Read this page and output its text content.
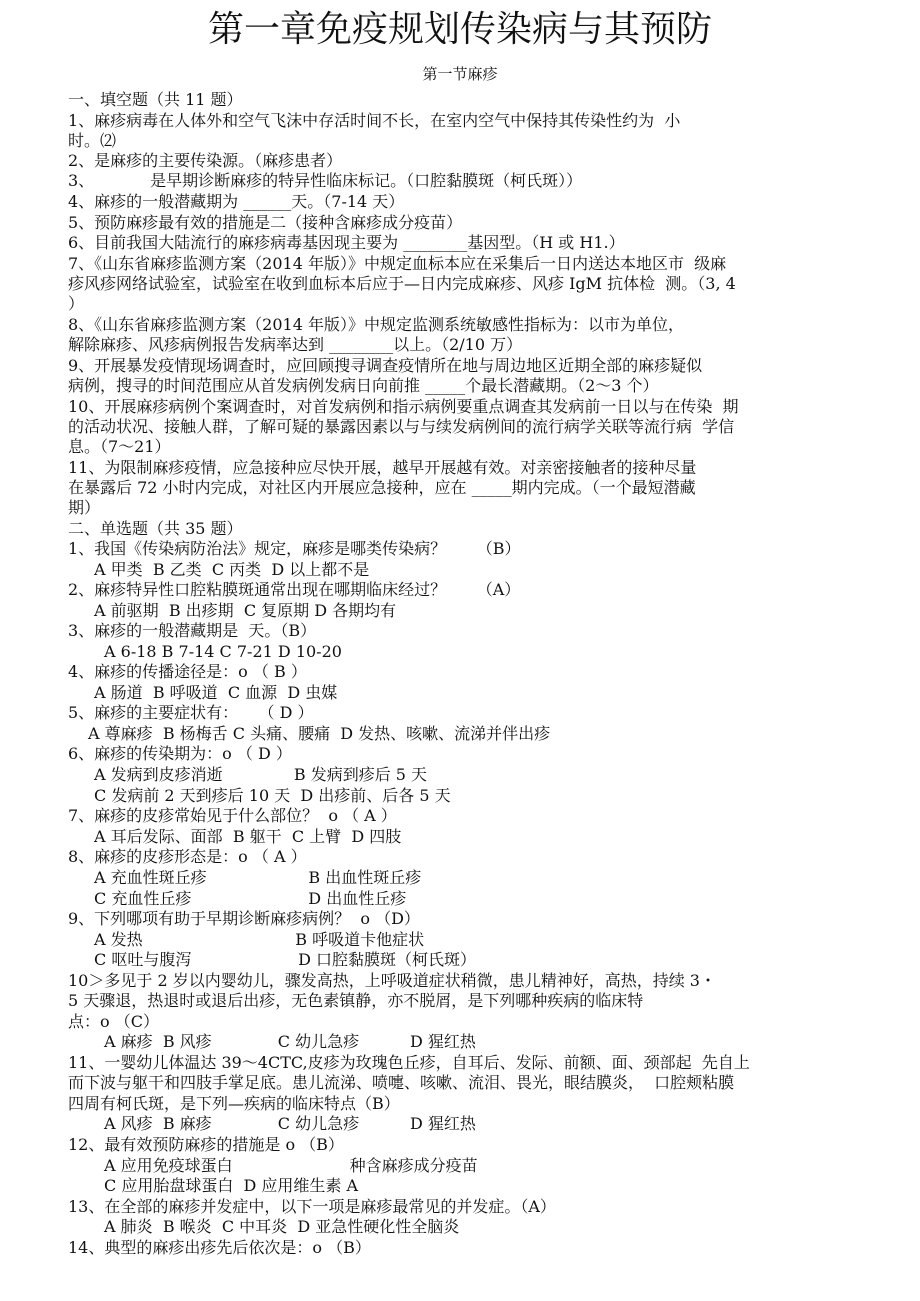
第一章免疫规划传染病与其预防
第一节麻疹
一、填空题（共 11 题）
1、麻疹病毒在人体外和空气飞沫中存活时间不长，在室内空气中保持其传染性约为  小
时。⑵
2、是麻疹的主要传染源。（麻疹患者）
3、           是早期诊断麻疹的特异性临床标记。（口腔黏膜斑（柯氏斑））
4、麻疹的一般潜藏期为 ______天。（7-14 天）
5、预防麻疹最有效的措施是二（接种含麻疹成分疫苗）
6、目前我国大陆流行的麻疹病毒基因现主要为 ________基因型。（H 或 H1.）
7、《山东省麻疹监测方案（2014 年版）》中规定血标本应在采集后一日内送达本地区市  级麻
疹风疹网络试验室，试验室在收到血标本后应于—日内完成麻疹、风疹 IgM 抗体检  测。（3, 4
）
8、《山东省麻疹监测方案（2014 年版）》中规定监测系统敏感性指标为：以市为单位，
解除麻疹、风疹病例报告发病率达到 ________以上。（2/10 万）
9、开展暴发疫情现场调查时，应回顾搜寻调查疫情所在地与周边地区近期全部的麻疹疑似
病例，搜寻的时间范围应从首发病例发病日向前推 _____个最长潜藏期。（2～3 个）
10、开展麻疹病例个案调查时，对首发病例和指示病例要重点调查其发病前一日以与在传染  期
的活动状况、接触人群，了解可疑的暴露因素以与与续发病例间的流行病学关联等流行病  学信
息。（7～21）
11、为限制麻疹疫情，应急接种应尽快开展，越早开展越有效。对亲密接触者的接种尽量
在暴露后 72 小时内完成，对社区内开展应急接种，应在 _____期内完成。（一个最短潜藏
期）
二、单选题（共 35 题）
1、我国《传染病防治法》规定，麻疹是哪类传染病？      （B）
A 甲类  B 乙类  C 丙类  D 以上都不是
2、麻疹特异性口腔粘膜斑通常出现在哪期临床经过？      （A）
A 前驱期  B 出疹期  C 复原期 D 各期均有
3、麻疹的一般潜藏期是  天。（B）
A 6-18 B 7-14 C 7-21 D 10-20
4、麻疹的传播途径是：o （ B ）
A 肠道  B 呼吸道  C 血源  D 虫媒
5、麻疹的主要症状有：    （ D ）
A 尊麻疹  B 杨梅舌 C 头痛、腰痛  D 发热、咳嗽、流涕并伴出疹
6、麻疹的传染期为：o （ D ）
A 发病到皮疹消逝              B 发病到疹后 5 天
C 发病前 2 天到疹后 10 天  D 出疹前、后各 5 天
7、麻疹的皮疹常始见于什么部位？  o （ A ）
A 耳后发际、面部  B 躯干  C 上臂  D 四肢
8、麻疹的皮疹形态是：o （ A ）
A 充血性斑丘疹                    B 出血性斑丘疹
C 充血性丘疹                       D 出血性丘疹
9、下列哪项有助于早期诊断麻疹病例？  o （D）
A 发热                              B 呼吸道卡他症状
C 呕吐与腹泻                     D 口腔黏膜斑（柯氏斑）
10＞多见于 2 岁以内婴幼儿，骤发高热，上呼吸道症状稍微，患儿精神好，高热，持续 3・
5 天骤退，热退时或退后出疹，无色素镇静，亦不脱屑，是下列哪种疾病的临床特
点：o （C）
A 麻疹  B 风疹             C 幼儿急疹          D 猩红热
11、一婴幼儿体温达 39～4CTC,皮疹为玫瑰色丘疹，自耳后、发际、前额、面、颈部起  先自上
而下波与躯干和四肢手掌足底。患儿流涕、喷嚏、咳嗽、流泪、畏光，眼结膜炎，  口腔颊粘膜
四周有柯氏斑，是下列—疾病的临床特点（B）
A 风疹  B 麻疹             C 幼儿急疹          D 猩红热
12、最有效预防麻疹的措施是 o （B）
A 应用免疫球蛋白                       种含麻疹成分疫苗
C 应用胎盘球蛋白  D 应用维生素 A
13、在全部的麻疹并发症中，以下一项是麻疹最常见的并发症。（A）
A 肺炎  B 喉炎  C 中耳炎  D 亚急性硬化性全脑炎
14、典型的麻疹出疹先后依次是：o （B）
